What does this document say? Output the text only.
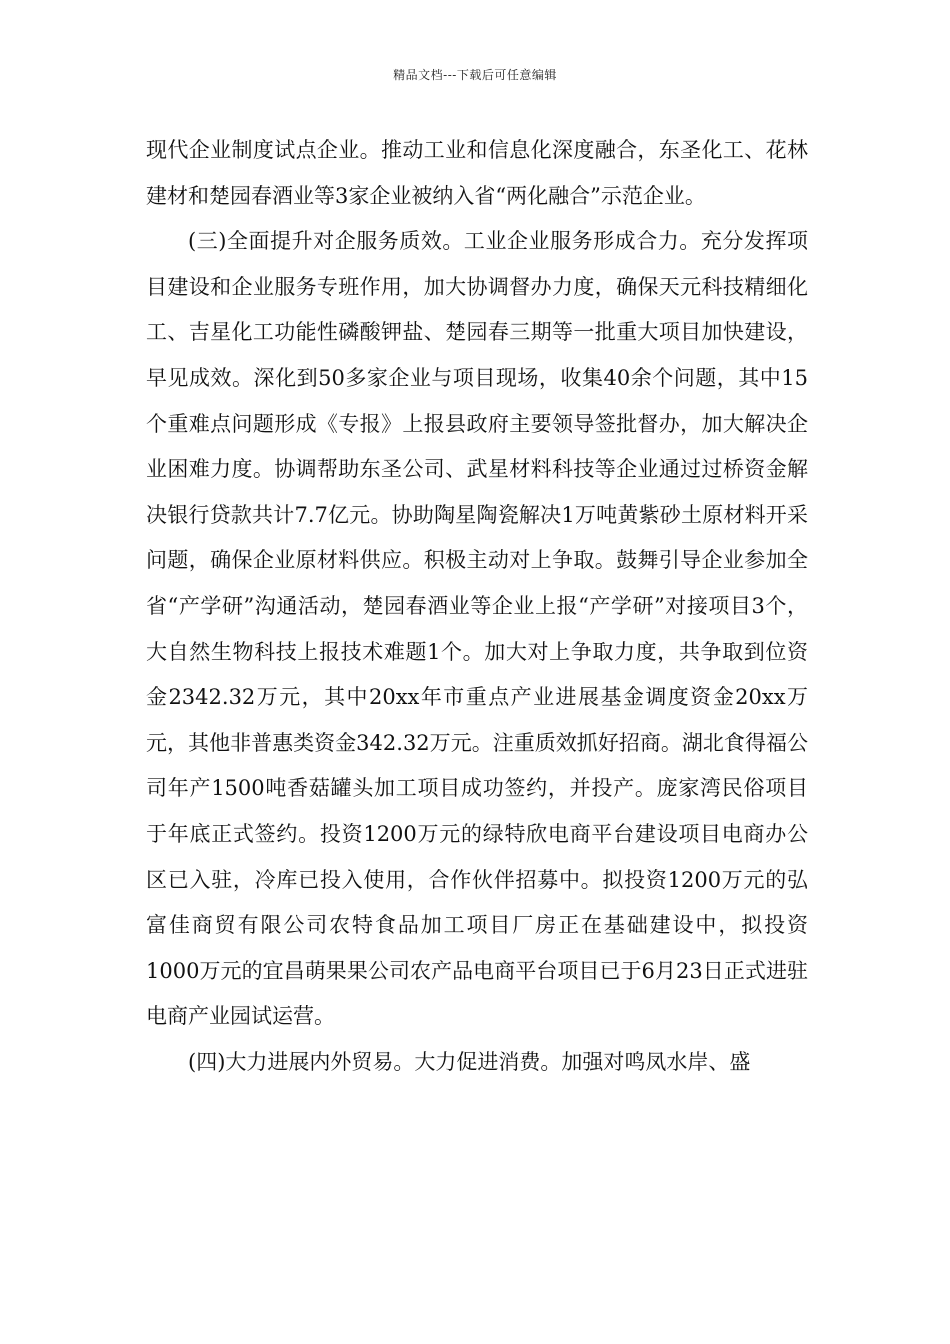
精品文档---下载后可任意编辑

现代企业制度试点企业。推动工业和信息化深度融合，东圣化工、花林建材和楚园春酒业等3家企业被纳入省“两化融合”示范企业。

(三)全面提升对企服务质效。工业企业服务形成合力。充分发挥项目建设和企业服务专班作用，加大协调督办力度，确保天元科技精细化工、吉星化工功能性磷酸钾盐、楚园春三期等一批重大项目加快建设，早见成效。深化到50多家企业与项目现场，收集40余个问题，其中15个重难点问题形成《专报》上报县政府主要领导签批督办，加大解决企业困难力度。协调帮助东圣公司、武星材料科技等企业通过过桥资金解决银行贷款共计7.7亿元。协助陶星陶瓷解决1万吨黄紫砂土原材料开采问题，确保企业原材料供应。积极主动对上争取。鼓舞引导企业参加全省“产学研”沟通活动，楚园春酒业等企业上报“产学研”对接项目3个，大自然生物科技上报技术难题1个。加大对上争取力度，共争取到位资金2342.32万元，其中20xx年市重点产业进展基金调度资金20xx万元，其他非普惠类资金342.32万元。注重质效抓好招商。湖北食得福公司年产1500吨香菇罐头加工项目成功签约，并投产。庞家湾民俗项目于年底正式签约。投资1200万元的绿特欣电商平台建设项目电商办公区已入驻，冷库已投入使用，合作伙伴招募中。拟投资1200万元的弘富佳商贸有限公司农特食品加工项目厂房正在基础建设中，拟投资1000万元的宜昌萌果果公司农产品电商平台项目已于6月23日正式进驻电商产业园试运营。

(四)大力进展内外贸易。大力促进消费。加强对鸣凤水岸、盛
